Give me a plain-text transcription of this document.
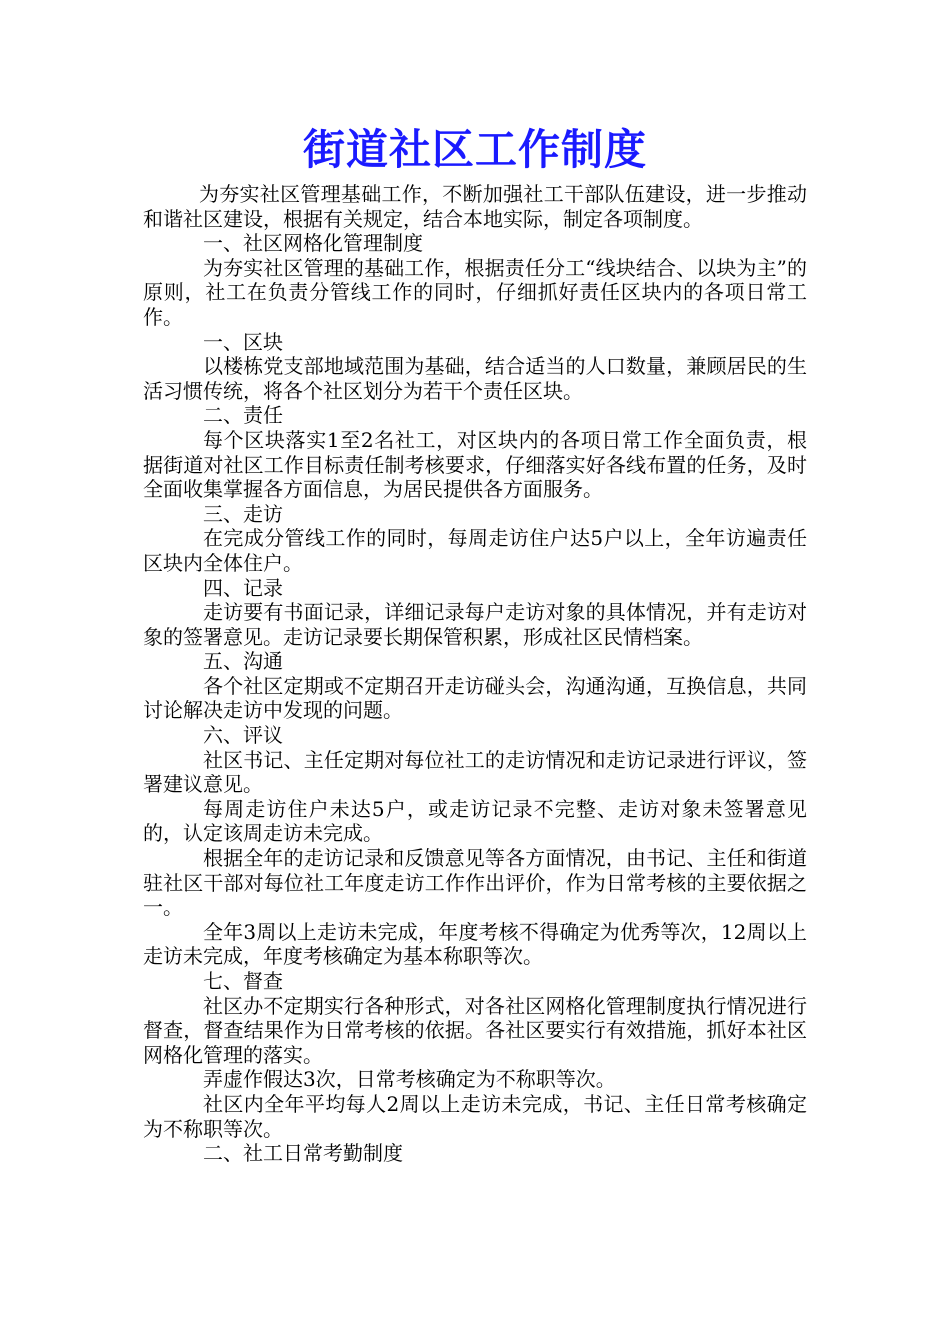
街道社区工作制度

为夯实社区管理基础工作，不断加强社工干部队伍建设，进一步推动和谐社区建设，根据有关规定，结合本地实际，制定各项制度。

一、社区网格化管理制度

为夯实社区管理的基础工作，根据责任分工“线块结合、以块为主”的原则，社工在负责分管线工作的同时，仔细抓好责任区块内的各项日常工作。

一、区块

以楼栋党支部地域范围为基础，结合适当的人口数量，兼顾居民的生活习惯传统，将各个社区划分为若干个责任区块。

二、责任

每个区块落实1至2名社工，对区块内的各项日常工作全面负责，根据街道对社区工作目标责任制考核要求，仔细落实好各线布置的任务，及时全面收集掌握各方面信息，为居民提供各方面服务。

三、走访

在完成分管线工作的同时，每周走访住户达5户以上，全年访遍责任区块内全体住户。

四、记录

走访要有书面记录，详细记录每户走访对象的具体情况，并有走访对象的签署意见。走访记录要长期保管积累，形成社区民情档案。

五、沟通

各个社区定期或不定期召开走访碰头会，沟通沟通，互换信息，共同讨论解决走访中发现的问题。

六、评议

社区书记、主任定期对每位社工的走访情况和走访记录进行评议，签署建议意见。

每周走访住户未达5户，或走访记录不完整、走访对象未签署意见的，认定该周走访未完成。

根据全年的走访记录和反馈意见等各方面情况，由书记、主任和街道驻社区干部对每位社工年度走访工作作出评价，作为日常考核的主要依据之一。

全年3周以上走访未完成，年度考核不得确定为优秀等次，12周以上走访未完成，年度考核确定为基本称职等次。

七、督查

社区办不定期实行各种形式，对各社区网格化管理制度执行情况进行督查，督查结果作为日常考核的依据。各社区要实行有效措施，抓好本社区网格化管理的落实。

弄虚作假达3次，日常考核确定为不称职等次。

社区内全年平均每人2周以上走访未完成，书记、主任日常考核确定为不称职等次。

二、社工日常考勤制度
